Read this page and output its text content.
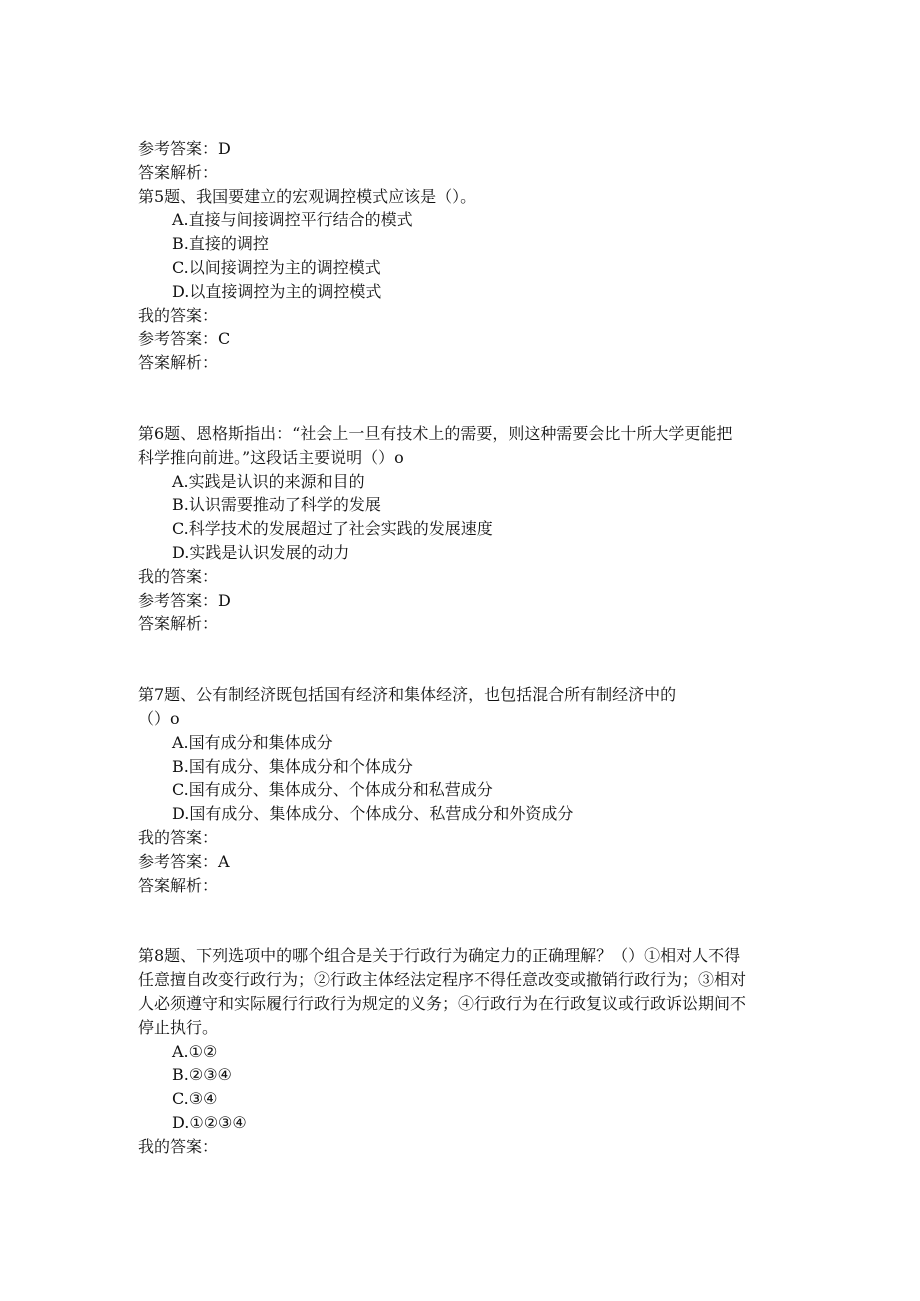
参考答案：D
答案解析：
第5题、我国要建立的宏观调控模式应该是（）。
A.直接与间接调控平行结合的模式
B.直接的调控
C.以间接调控为主的调控模式
D.以直接调控为主的调控模式
我的答案：
参考答案：C
答案解析：
第6题、恩格斯指出：“社会上一旦有技术上的需要，则这种需要会比十所大学更能把
科学推向前进。”这段话主要说明（）o
A.实践是认识的来源和目的
B.认识需要推动了科学的发展
C.科学技术的发展超过了社会实践的发展速度
D.实践是认识发展的动力
我的答案：
参考答案：D
答案解析：
第7题、公有制经济既包括国有经济和集体经济，也包括混合所有制经济中的
（）o
A.国有成分和集体成分
B.国有成分、集体成分和个体成分
C.国有成分、集体成分、个体成分和私营成分
D.国有成分、集体成分、个体成分、私营成分和外资成分
我的答案：
参考答案：A
答案解析：
第8题、下列选项中的哪个组合是关于行政行为确定力的正确理解？（）①相对人不得
任意擅自改变行政行为；②行政主体经法定程序不得任意改变或撤销行政行为；③相对
人必须遵守和实际履行行政行为规定的义务；④行政行为在行政复议或行政诉讼期间不
停止执行。
A.①②
B.②③④
C.③④
D.①②③④
我的答案：
